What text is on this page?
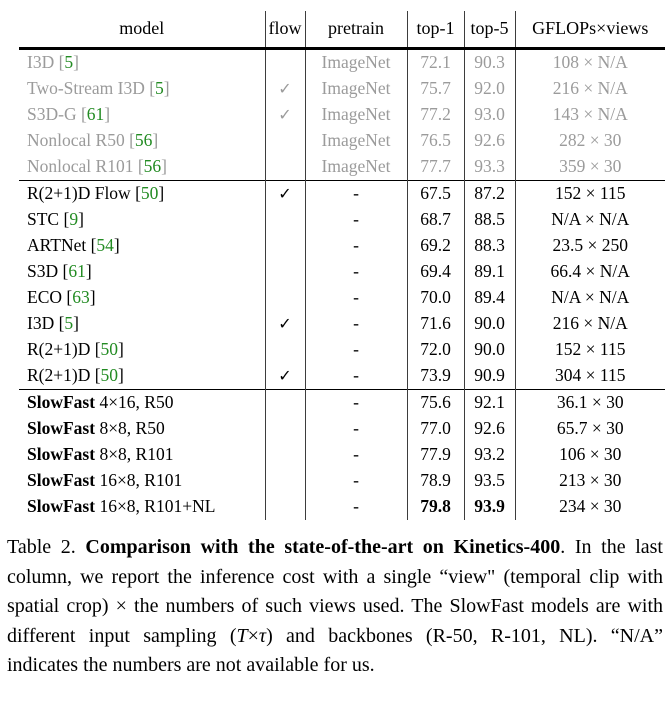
model	flow	pretrain	top-1	top-5	GFLOPs×views
I3D [5]		ImageNet	72.1	90.3	108 × N/A
Two-Stream I3D [5]	✓	ImageNet	75.7	92.0	216 × N/A
S3D-G [61]	✓	ImageNet	77.2	93.0	143 × N/A
Nonlocal R50 [56]		ImageNet	76.5	92.6	282 × 30
Nonlocal R101 [56]		ImageNet	77.7	93.3	359 × 30
R(2+1)D Flow [50]	✓	-	67.5	87.2	152 × 115
STC [9]		-	68.7	88.5	N/A × N/A
ARTNet [54]		-	69.2	88.3	23.5 × 250
S3D [61]		-	69.4	89.1	66.4 × N/A
ECO [63]		-	70.0	89.4	N/A × N/A
I3D [5]	✓	-	71.6	90.0	216 × N/A
R(2+1)D [50]		-	72.0	90.0	152 × 115
R(2+1)D [50]	✓	-	73.9	90.9	304 × 115
SlowFast 4×16, R50		-	75.6	92.1	36.1 × 30
SlowFast 8×8, R50		-	77.0	92.6	65.7 × 30
SlowFast 8×8, R101		-	77.9	93.2	106 × 30
SlowFast 16×8, R101		-	78.9	93.5	213 × 30
SlowFast 16×8, R101+NL		-	79.8	93.9	234 × 30

Table 2. Comparison with the state-of-the-art on Kinetics-400. In the last column, we report the inference cost with a single “view" (temporal clip with spatial crop) × the numbers of such views used. The SlowFast models are with different input sampling (T×τ) and backbones (R-50, R-101, NL). “N/A” indicates the numbers are not available for us.
